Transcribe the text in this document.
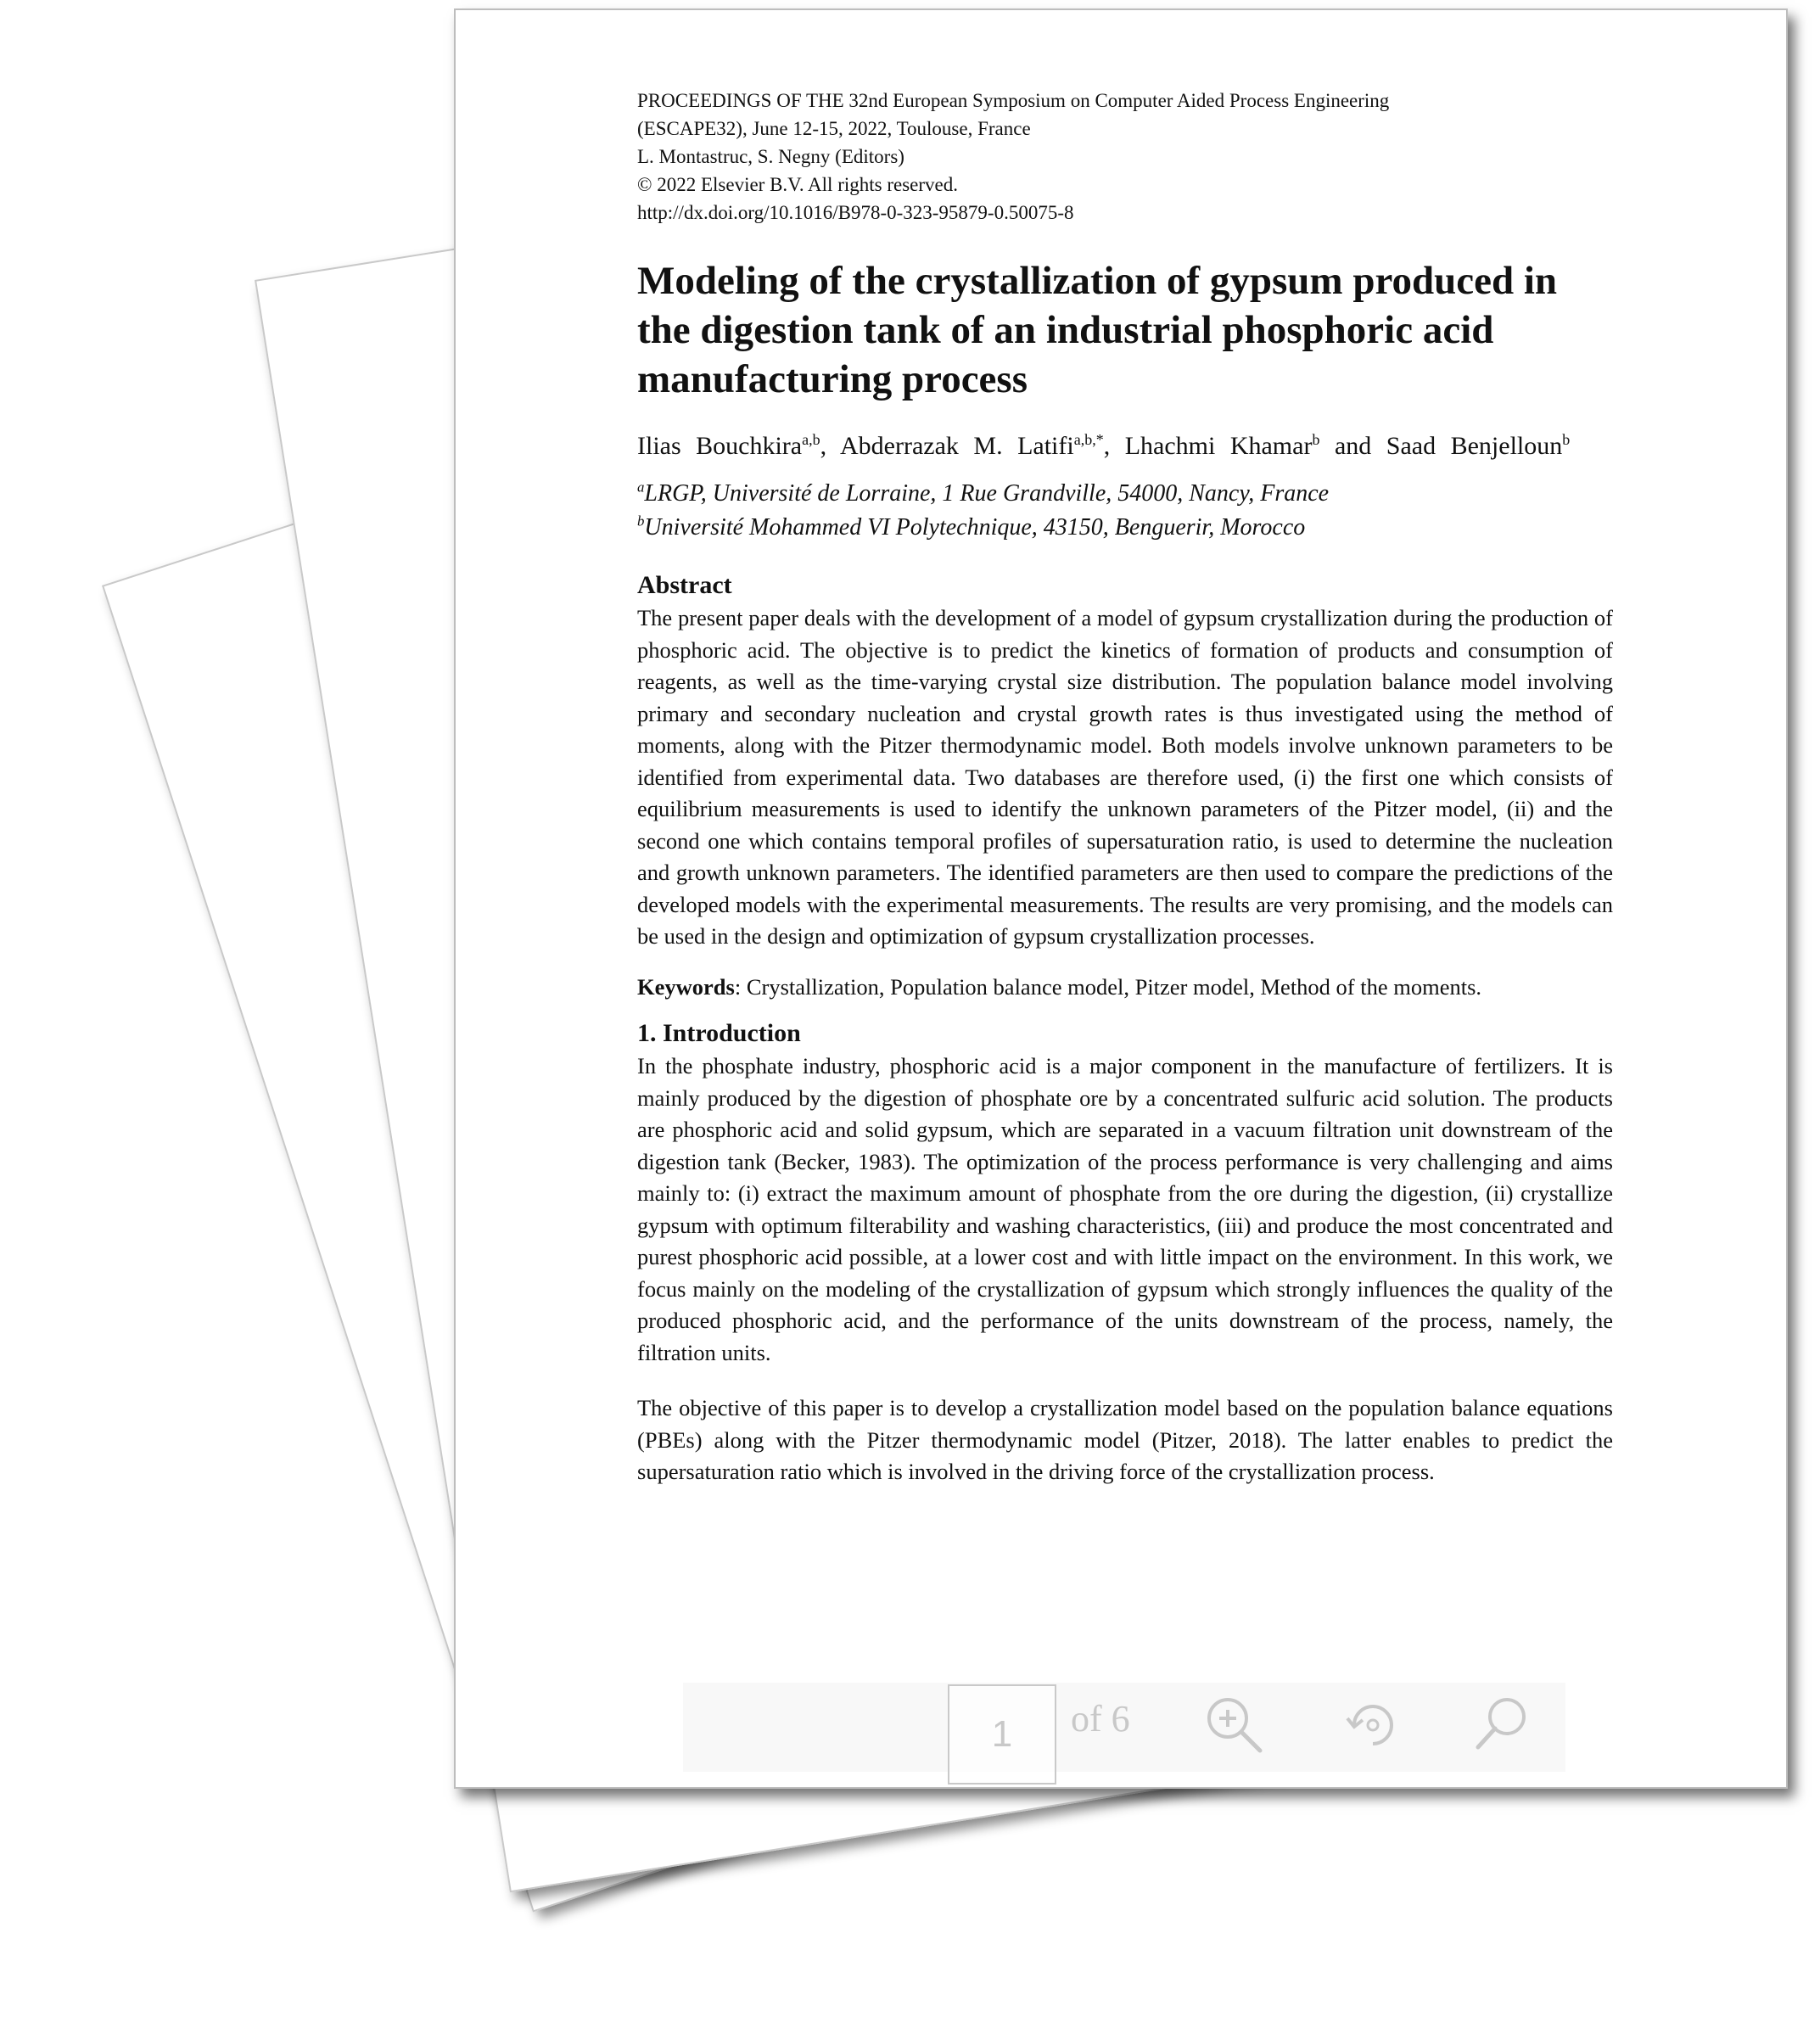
PROCEEDINGS OF THE 32nd European Symposium on Computer Aided Process Engineering
(ESCAPE32), June 12-15, 2022, Toulouse, France
L. Montastruc, S. Negny (Editors)
© 2022 Elsevier B.V. All rights reserved.
http://dx.doi.org/10.1016/B978-0-323-95879-0.50075-8
Modeling of the crystallization of gypsum produced in the digestion tank of an industrial phosphoric acid manufacturing process
Ilias Bouchkira$^{a,b}$, Abderrazak M. Latifi$^{a,b,*}$, Lhachmi Khamar$^b$ and Saad Benjelloun$^b$
$^a$LRGP, Université de Lorraine, 1 Rue Grandville, 54000, Nancy, France
$^b$Université Mohammed VI Polytechnique, 43150, Benguerir, Morocco
Abstract
The present paper deals with the development of a model of gypsum crystallization during the production of phosphoric acid. The objective is to predict the kinetics of formation of products and consumption of reagents, as well as the time-varying crystal size distribution. The population balance model involving primary and secondary nucleation and crystal growth rates is thus investigated using the method of moments, along with the Pitzer thermodynamic model. Both models involve unknown parameters to be identified from experimental data. Two databases are therefore used, (i) the first one which consists of equilibrium measurements is used to identify the unknown parameters of the Pitzer model, (ii) and the second one which contains temporal profiles of supersaturation ratio, is used to determine the nucleation and growth unknown parameters. The identified parameters are then used to compare the predictions of the developed models with the experimental measurements. The results are very promising, and the models can be used in the design and optimization of gypsum crystallization processes.
Keywords: Crystallization, Population balance model, Pitzer model, Method of the moments.
1. Introduction
In the phosphate industry, phosphoric acid is a major component in the manufacture of fertilizers. It is mainly produced by the digestion of phosphate ore by a concentrated sulfuric acid solution. The products are phosphoric acid and solid gypsum, which are separated in a vacuum filtration unit downstream of the digestion tank (Becker, 1983). The optimization of the process performance is very challenging and aims mainly to: (i) extract the maximum amount of phosphate from the ore during the digestion, (ii) crystallize gypsum with optimum filterability and washing characteristics, (iii) and produce the most concentrated and purest phosphoric acid possible, at a lower cost and with little impact on the environment. In this work, we focus mainly on the modeling of the crystallization of gypsum which strongly influences the quality of the produced phosphoric acid, and the performance of the units downstream of the process, namely, the filtration units.
The objective of this paper is to develop a crystallization model based on the population balance equations (PBEs) along with the Pitzer thermodynamic model (Pitzer, 2018). The latter enables to predict the supersaturation ratio which is involved in the driving force of the crystallization process.
1
of 6
